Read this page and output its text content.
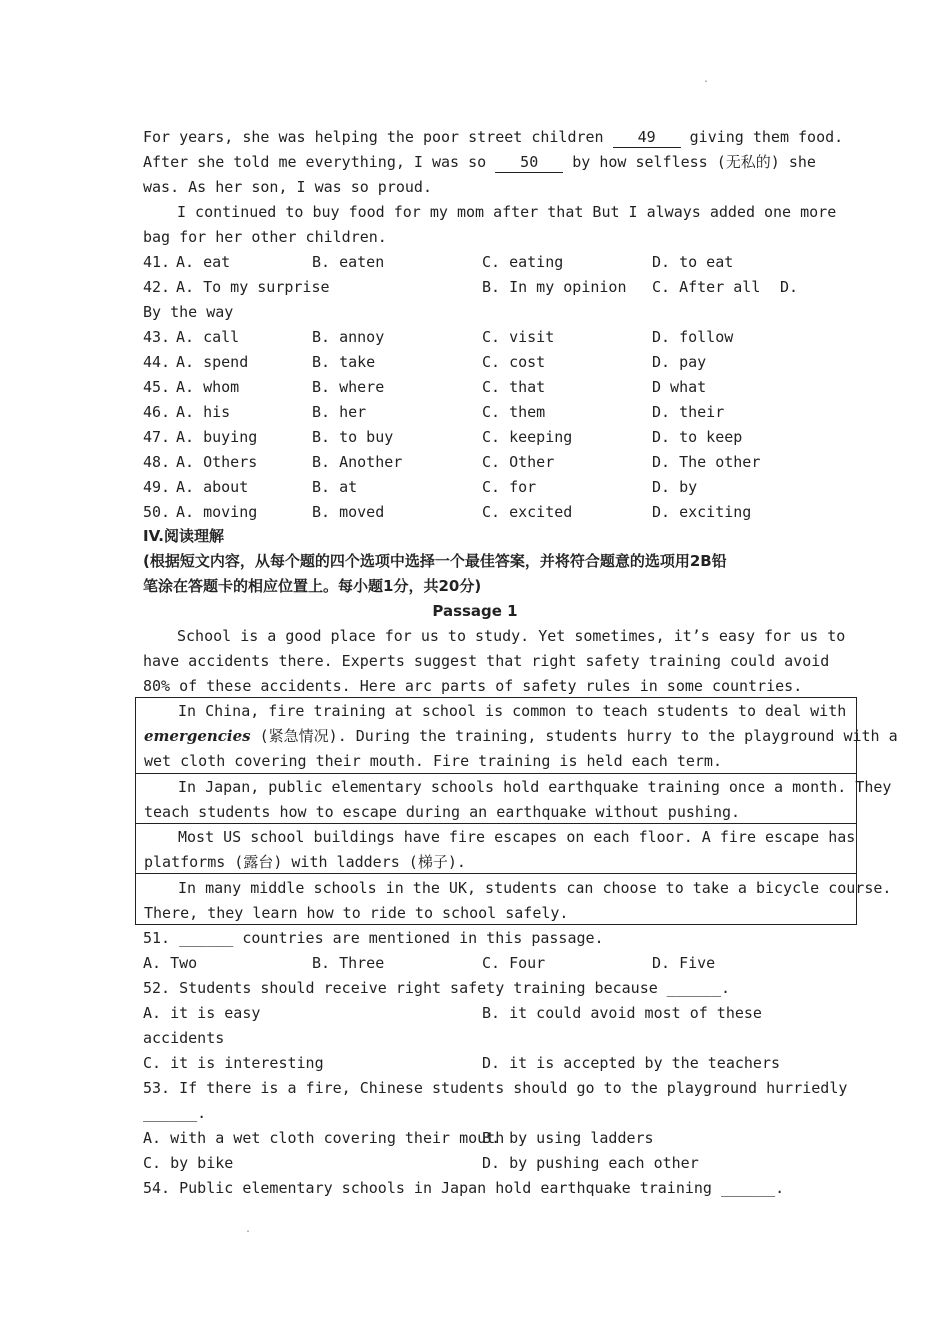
.
For years, she was helping the poor street children 49 giving them food.
After she told me everything, I was so 50 by how selfless (无私的) she
was. As her son, I was so proud.
I continued to buy food for my mom after that But I always added one more
bag for her other children.
41. A. eat	B. eaten	C. eating	D. to eat
42. A. To my surprise	B. In my opinion C. After all D.
By the way
43. A. call	B. annoy	C. visit	D. follow
44. A. spend	B. take	C. cost	D. pay
45. A. whom	B. where	C. that	D what
46. A. his	B. her	C. them	D. their
47. A. buying	B. to buy	C. keeping	D. to keep
48. A. Others	B. Another	C. Other	D. The other
49. A. about	B. at	C. for	D. by
50. A. moving	B. moved	C. excited	D. exciting
IV.阅读理解
(根据短文内容，从每个题的四个选项中选择一个最佳答案，并将符合题意的选项用2B铅
笔涂在答题卡的相应位置上。每小题1分，共20分)
Passage 1
School is a good place for us to study. Yet sometimes, it’s easy for us to
have accidents there. Experts suggest that right safety training could avoid
80% of these accidents. Here arc parts of safety rules in some countries.
In China, fire training at school is common to teach students to deal with
emergencies (紧急情况). During the training, students hurry to the playground with a
wet cloth covering their mouth. Fire training is held each term.
In Japan, public elementary schools hold earthquake training once a month. They
teach students how to escape during an earthquake without pushing.
Most US school buildings have fire escapes on each floor. A fire escape has
platforms (露台) with ladders (梯子).
In many middle schools in the UK, students can choose to take a bicycle course.
There, they learn how to ride to school safely.
51. ______ countries are mentioned in this passage.
A. Two	B. Three	C. Four	D. Five
52. Students should receive right safety training because ______.
A. it is easy	B. it could avoid most of these
accidents
C. it is interesting	D. it is accepted by the teachers
53. If there is a fire, Chinese students should go to the playground hurriedly
______.
A. with a wet cloth covering their mouth
B. by using ladders
C. by bike	D. by pushing each other
54. Public elementary schools in Japan hold earthquake training ______.
.
